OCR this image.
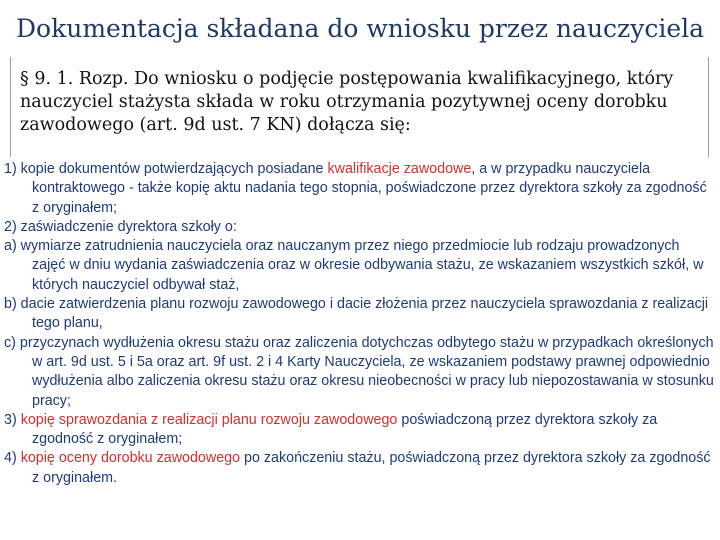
Dokumentacja składana do wniosku przez nauczyciela
§ 9. 1. Rozp. Do wniosku o podjęcie postępowania kwalifikacyjnego, który nauczyciel stażysta składa w roku otrzymania pozytywnej oceny dorobku zawodowego (art. 9d ust. 7 KN) dołącza się:
1) kopie dokumentów potwierdzających posiadane kwalifikacje zawodowe, a w przypadku nauczyciela kontraktowego - także kopię aktu nadania tego stopnia, poświadczone przez dyrektora szkoły za zgodność z oryginałem;
2) zaświadczenie dyrektora szkoły o:
a) wymiarze zatrudnienia nauczyciela oraz nauczanym przez niego przedmiocie lub rodzaju prowadzonych zajęć w dniu wydania zaświadczenia oraz w okresie odbywania stażu, ze wskazaniem wszystkich szkół, w których nauczyciel odbywał staż,
b) dacie zatwierdzenia planu rozwoju zawodowego i dacie złożenia przez nauczyciela sprawozdania z realizacji tego planu,
c) przyczynach wydłużenia okresu stażu oraz zaliczenia dotychczas odbytego stażu w przypadkach określonych w art. 9d ust. 5 i 5a oraz art. 9f ust. 2 i 4 Karty Nauczyciela, ze wskazaniem podstawy prawnej odpowiednio wydłużenia albo zaliczenia okresu stażu oraz okresu nieobecności w pracy lub niepozostawania w stosunku pracy;
3) kopię sprawozdania z realizacji planu rozwoju zawodowego poświadczoną przez dyrektora szkoły za zgodność z oryginałem;
4) kopię oceny dorobku zawodowego po zakończeniu stażu, poświadczoną przez dyrektora szkoły za zgodność z oryginałem.
